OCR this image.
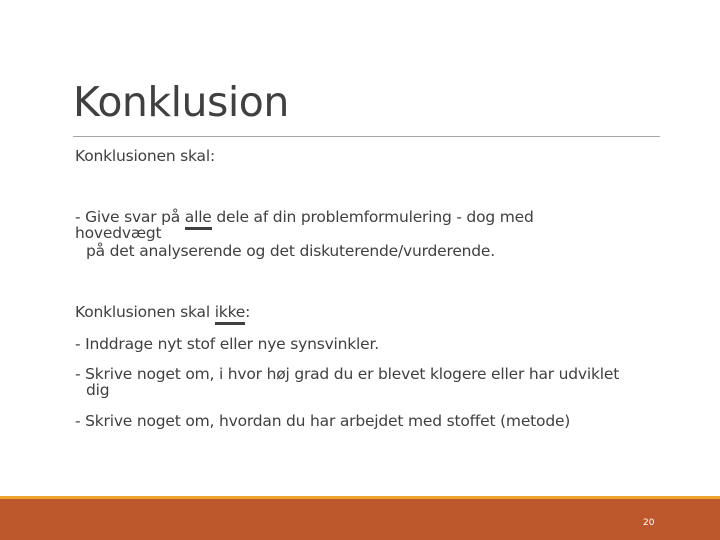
Konklusion
Konklusionen skal:
- Give svar på alle dele af din problemformulering - dog med
hovedvægt
på det analyserende og det diskuterende/vurderende.
Konklusionen skal ikke:
- Inddrage nyt stof eller nye synsvinkler.
- Skrive noget om, i hvor høj grad du er blevet klogere eller har udviklet
dig
- Skrive noget om, hvordan du har arbejdet med stoffet (metode)
20
